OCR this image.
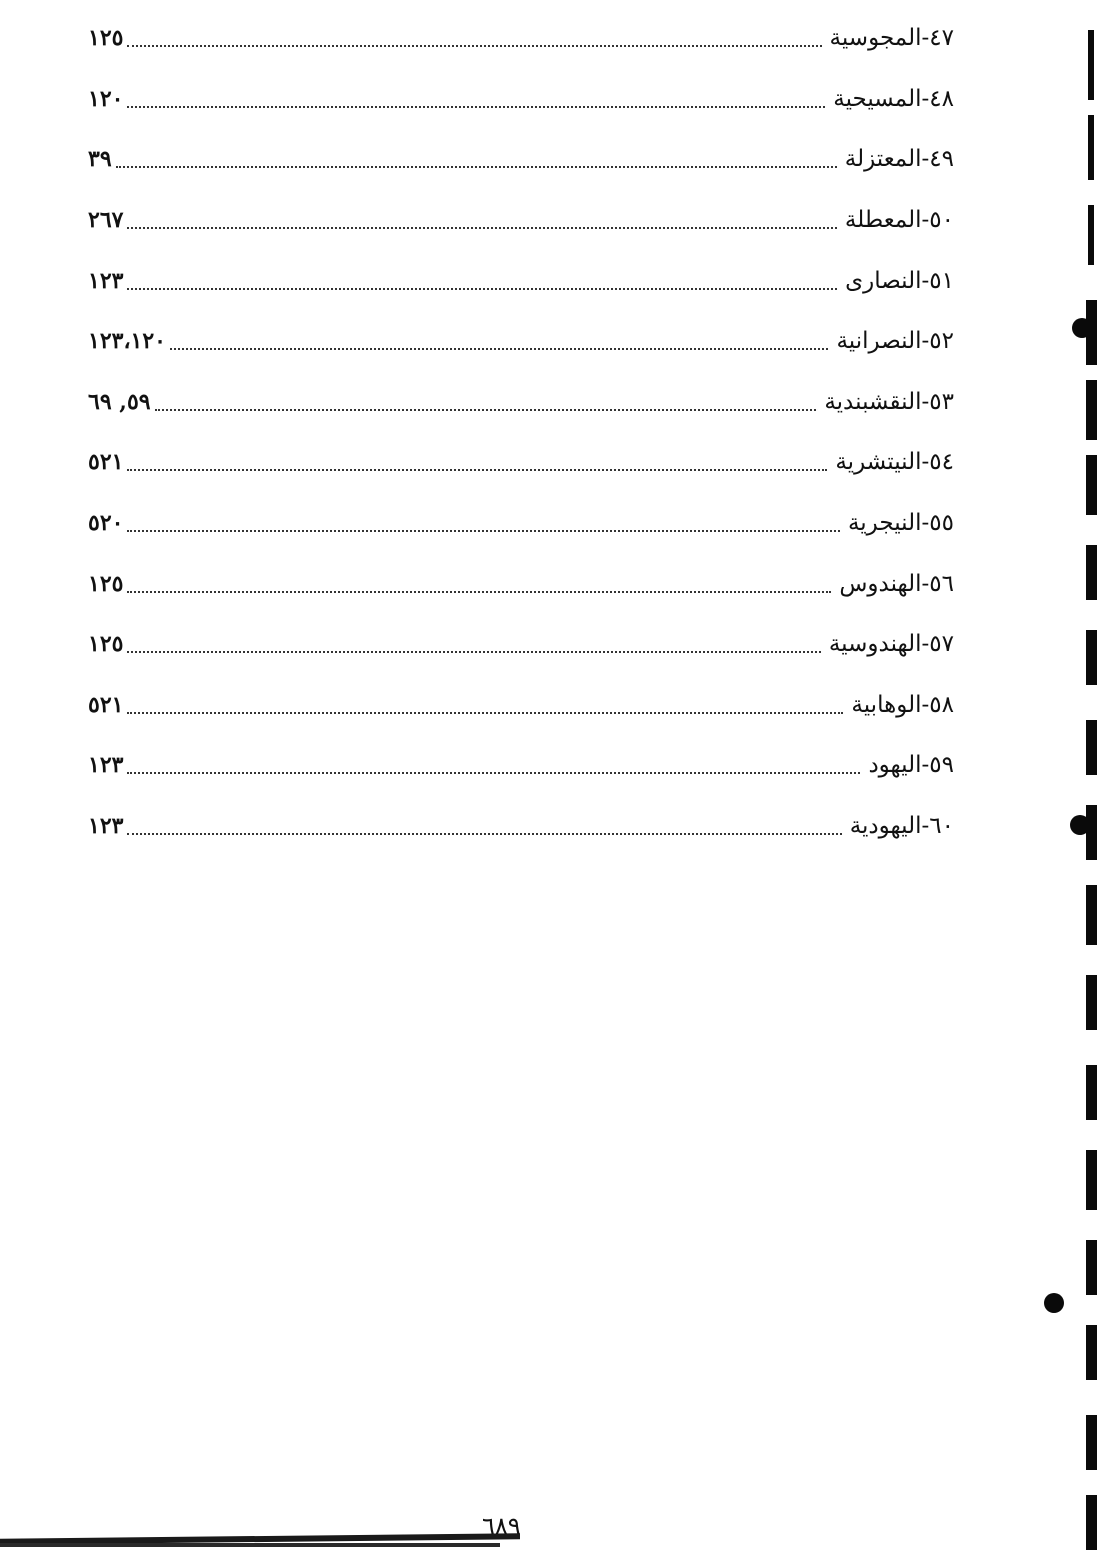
٤٧-المجوسية
١٢٥
٤٨-المسيحية
١٢٠
٤٩-المعتزلة
٣٩
٥٠-المعطلة
٢٦٧
٥١-النصارى
١٢٣
٥٢-النصرانية
١٢٣،١٢٠
٥٣-النقشبندية
٥٩, ٦٩
٥٤-النيتشرية
٥٢١
٥٥-النيجرية
٥٢٠
٥٦-الهندوس
١٢٥
٥٧-الهندوسية
١٢٥
٥٨-الوهابية
٥٢١
٥٩-اليهود
١٢٣
٦٠-اليهودية
١٢٣
٦٨٩
